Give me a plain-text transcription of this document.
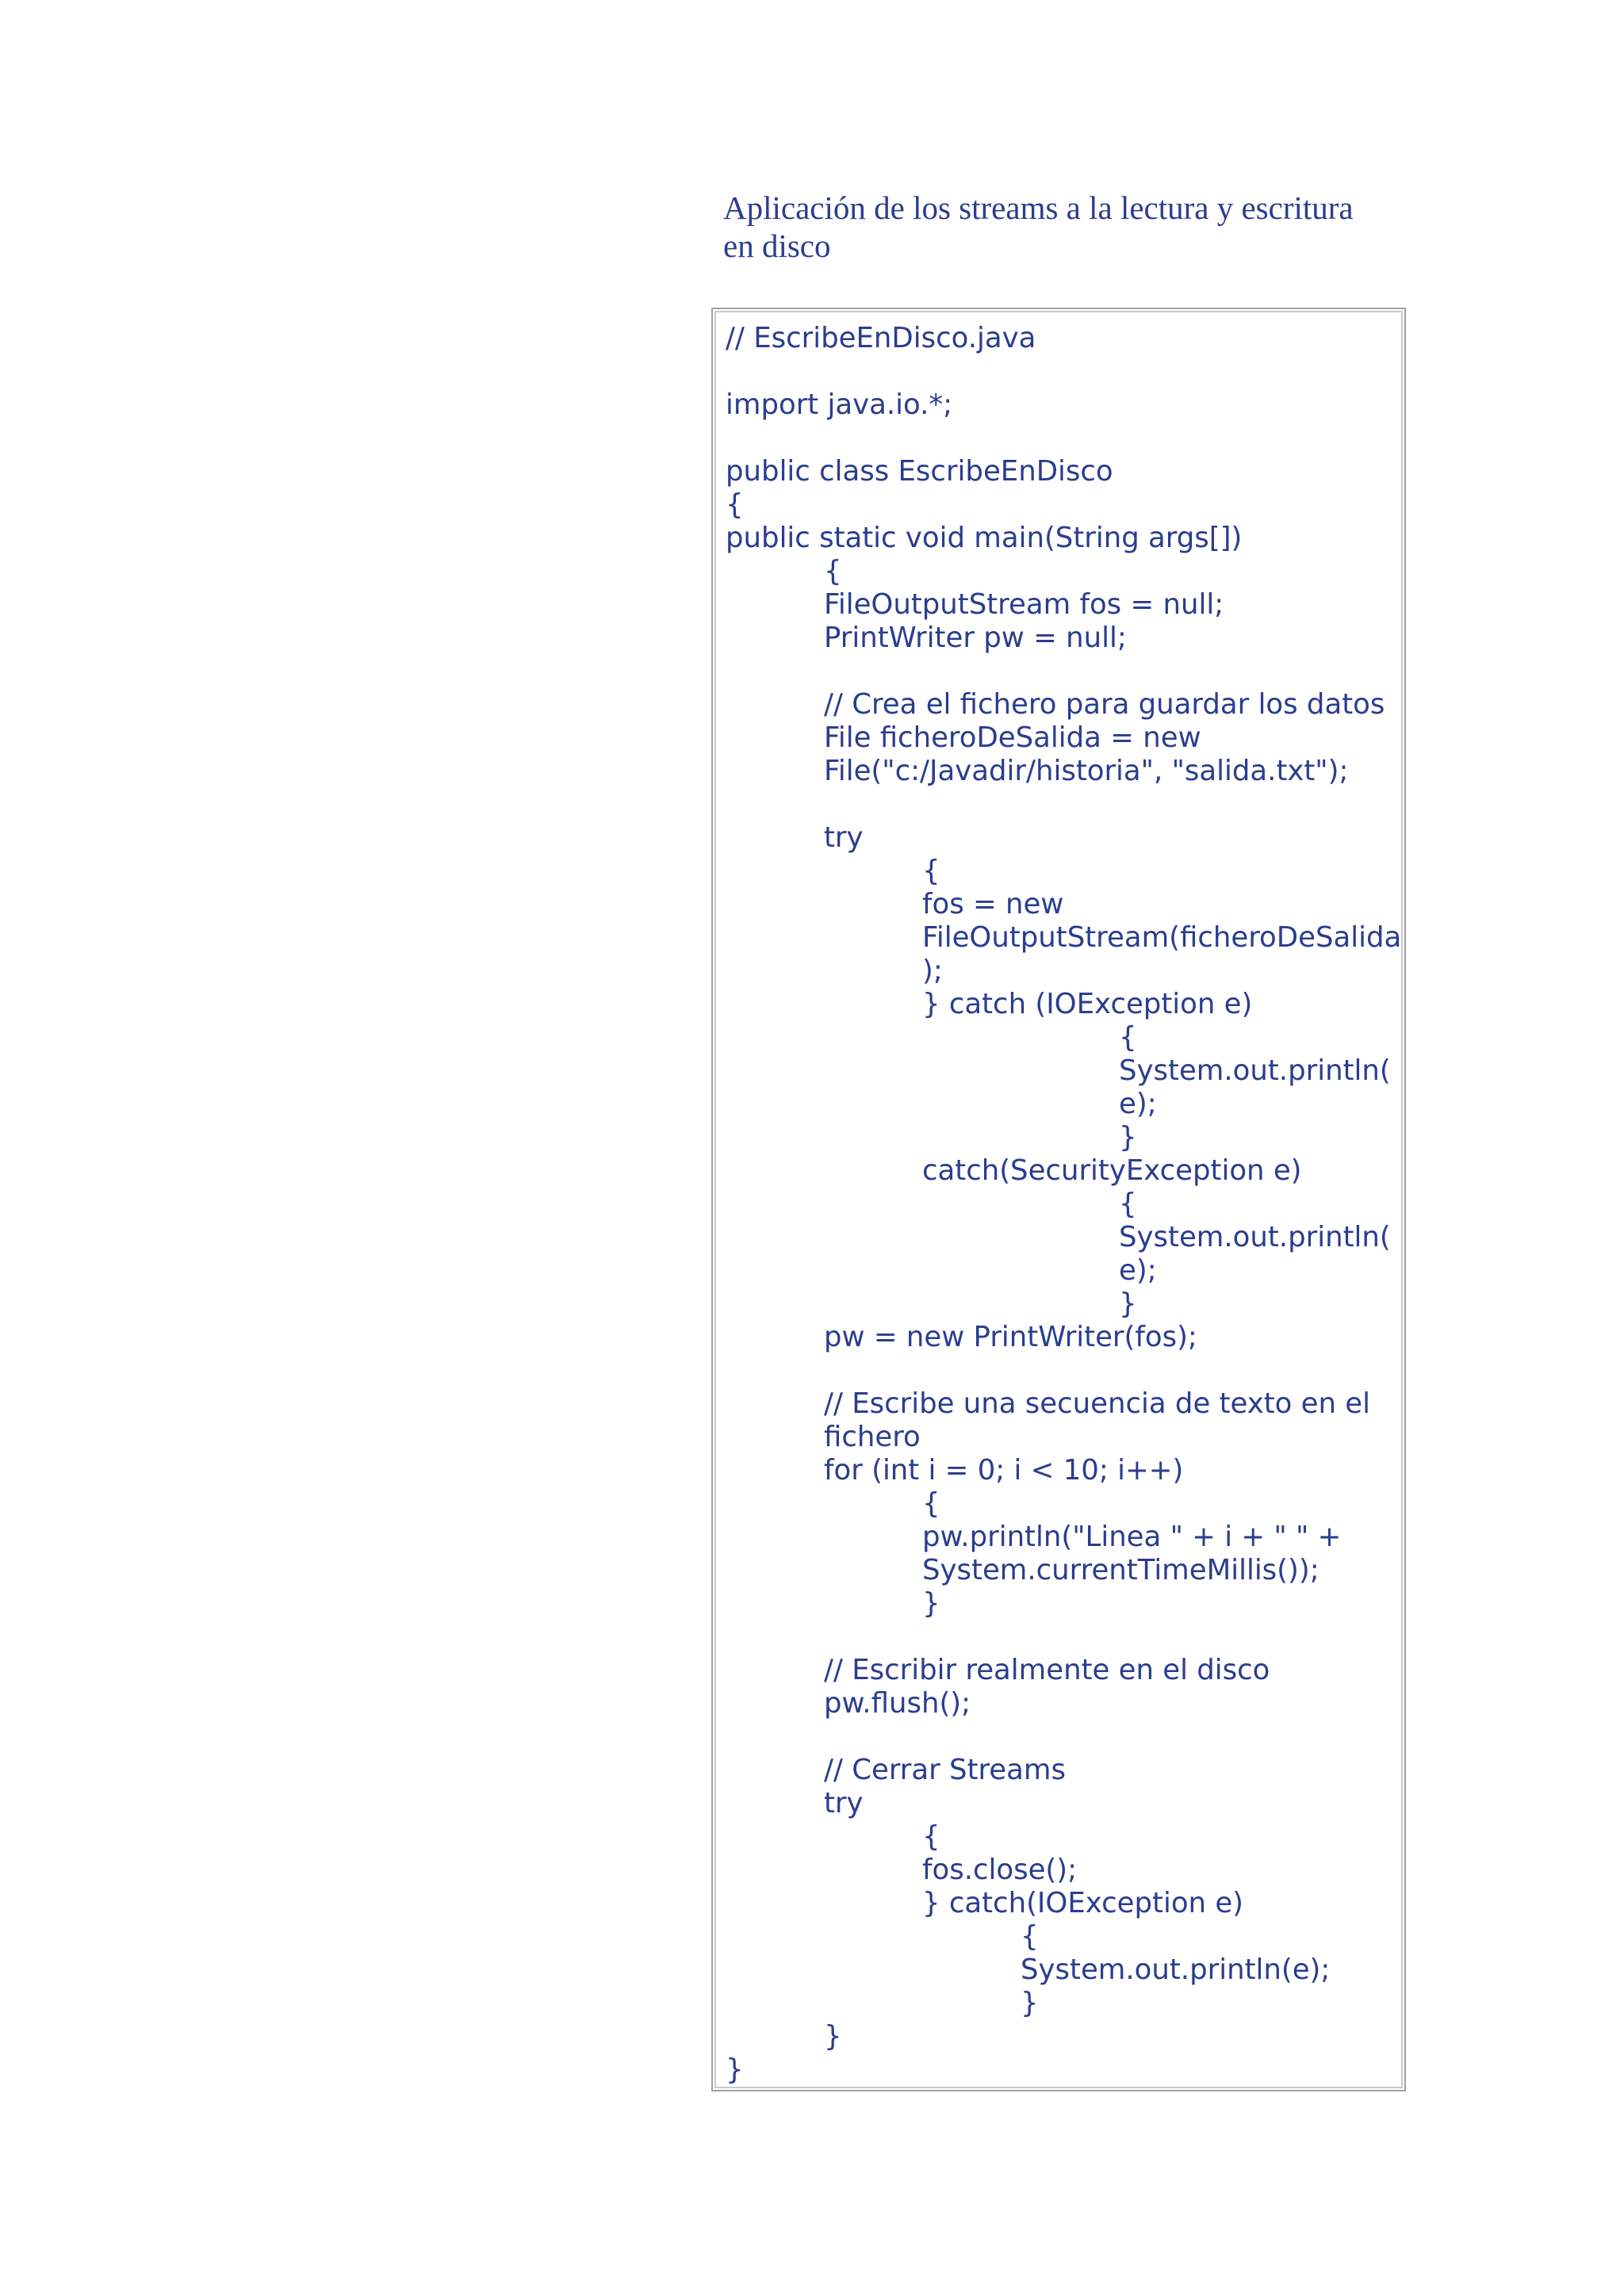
Aplicación de los streams a la lectura y escritura
en disco
// EscribeEnDisco.java
import java.io.*;
public class EscribeEnDisco
{
public static void main(String args[])
{
FileOutputStream fos = null;
PrintWriter pw = null;
// Crea el fichero para guardar los datos
File ficheroDeSalida = new
File("c:/Javadir/historia", "salida.txt");
try
{
fos = new
FileOutputStream(ficheroDeSalida
);
} catch (IOException e)
{
System.out.println(
e);
}
catch(SecurityException e)
{
System.out.println(
e);
}
pw = new PrintWriter(fos);
// Escribe una secuencia de texto en el
fichero
for (int i = 0; i < 10; i++)
{
pw.println("Linea " + i + " " +
System.currentTimeMillis());
}
// Escribir realmente en el disco
pw.flush();
// Cerrar Streams
try
{
fos.close();
} catch(IOException e)
{
System.out.println(e);
}
}
}
